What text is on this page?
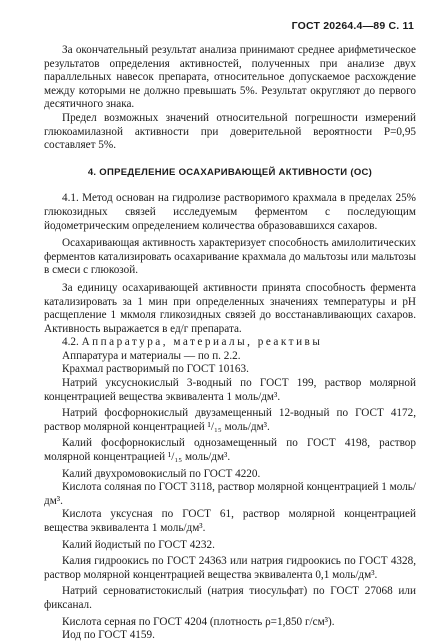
ГОСТ 20264.4—89 С. 11

За окончательный результат анализа принимают среднее арифметическое результатов определения активностей, полученных при анализе двух параллельных навесок препарата, относительное допускаемое расхождение между которыми не должно превышать 5%. Результат округляют до первого десятичного знака.

Предел возможных значений относительной погрешности измерений глюкоамилазной активности при доверительной вероятности P=0,95 составляет 5%.

4. ОПРЕДЕЛЕНИЕ ОСАХАРИВАЮЩЕЙ АКТИВНОСТИ (ОС)

4.1. Метод основан на гидролизе растворимого крахмала в пределах 25% глюкозидных связей исследуемым ферментом с последующим йодометрическим определением количества образовавшихся сахаров.

Осахаривающая активность характеризует способность амилолитических ферментов катализировать осахаривание крахмала до мальтозы или мальтозы в смеси с глюкозой.

За единицу осахаривающей активности принята способность фермента катализировать за 1 мин при определенных значениях температуры и pH расщепление 1 мкмоля гликозидных связей до восстанавливающих сахаров. Активность выражается в ед/г препарата.

4.2. Аппаратура, материалы, реактивы

Аппаратура и материалы — по п. 2.2.

Крахмал растворимый по ГОСТ 10163.

Натрий уксуснокислый 3-водный по ГОСТ 199, раствор молярной концентрацией вещества эквивалента 1 моль/дм³.

Натрий фосфорнокислый двузамещенный 12-водный по ГОСТ 4172, раствор молярной концентрацией ¹/₁₅ моль/дм³.

Калий фосфорнокислый однозамещенный по ГОСТ 4198, раствор молярной концентрацией ¹/₁₅ моль/дм³.

Калий двухромовокислый по ГОСТ 4220.

Кислота соляная по ГОСТ 3118, раствор молярной концентрацией 1 моль/дм³.

Кислота уксусная по ГОСТ 61, раствор молярной концентрацией вещества эквивалента 1 моль/дм³.

Калий йодистый по ГОСТ 4232.

Калия гидроокись по ГОСТ 24363 или натрия гидроокись по ГОСТ 4328, раствор молярной концентрацией вещества эквивалента 0,1 моль/дм³.

Натрий серноватистокислый (натрия тиосульфат) по ГОСТ 27068 или фиксанал.

Кислота серная по ГОСТ 4204 (плотность ρ=1,850 г/см³).

Иод по ГОСТ 4159.
